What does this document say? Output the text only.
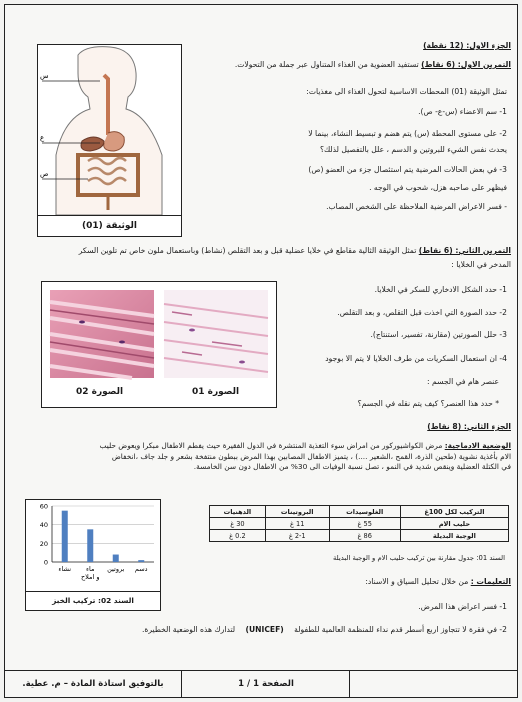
الجزء الاول: (12 نقطة)
التمرين الاول: (6 نقاط) تستفيد العضوية من الغذاء المتناول عبر جملة من التحولات.
تمثل الوثيقة (01) المحطات الاساسية لتحول الغذاء الى مغذيات:
1- سم الاعضاء (س-ع- ص).
2- على مستوى المحطة (س) يتم هضم و تبسيط النشاء، بينما لا
يحدث نفس الشيء للبروتين و الدسم ، علل بالتفصيل لذلك؟
3- في بعض الحالات المرضية يتم استئصال جزء من العضو (ص)
فيظهر على صاحبه هزل، شحوب في الوجه .
- فسر الاعراض المرضية الملاحظة على الشخص المصاب.
س
ع
ص
الوثيقة (01)
التمرين الثاني: (6 نقاط) تمثل الوثيقة الثالية مقاطع في خلايا عضلية قبل و بعد التقلص (نشاط) وباستعمال ملون خاص تم تلوين السكر
المدخر في الخلايا :
1- حدد الشكل الادخاري للسكر في الخلايا.
2- حدد الصورة التي اخذت قبل التقلص، و بعد التقلص.
3- حلل الصورتين (مقارنة، تفسير، استنتاج).
4- ان استعمال السكريات من طرف الخلايا لا يتم الا بوجود
عنصر هام في الجسم :
* حدد هذا العنصر؟ كيف يتم نقله في الجسم؟
الصورة 02	الصورة 01
الجزء الثاني: (8 نقاط)
الوضعية الادماجية: مرض الكواشيوركور من امراض سوء التغذية المنتشرة في الدول الفقيرة حيث يفطم الاطفال مبكرا ويعوض حليب
الام بأغذية نشوية (طحين الذرة، القمح ،الشعير ....) ، يتميز الاطفال المصابين بهذا المرض ببطون منتفخة بشعر و جلد جاف ،انخفاض
في الكتلة العضلية وينقص شديد في النمو ، تصل نسبة الوفيات الى 30% من الاطفال دون سن الخامسة.
التركيب لكل 100غ	الغلوسيدات	البروتينات	الدهنيات
حليب الام	55 غ	11 غ	30 غ
الوجبة البديلة	86 غ	2-1 غ	0.2 غ
السند 01: جدول مقارنة بين تركيب حليب الام و الوجبة البديلة
0
20
40
60
نشاء ماء
و املاح
بروتين دسم
السند 02: تركيب الخبز
التعليمات : من خلال تحليل السياق و الاسناد:
1- فسر اعراض هذا المرض.
2- في فقرة لا تتجاوز اربع أسطر قدم نداء للمنظمة العالمية للطفولة (UNICEF) لتدارك هذه الوضعية الخطيرة.
بالتوفيق استاذة المادة – م. عطية.	الصفحة 1 / 1
